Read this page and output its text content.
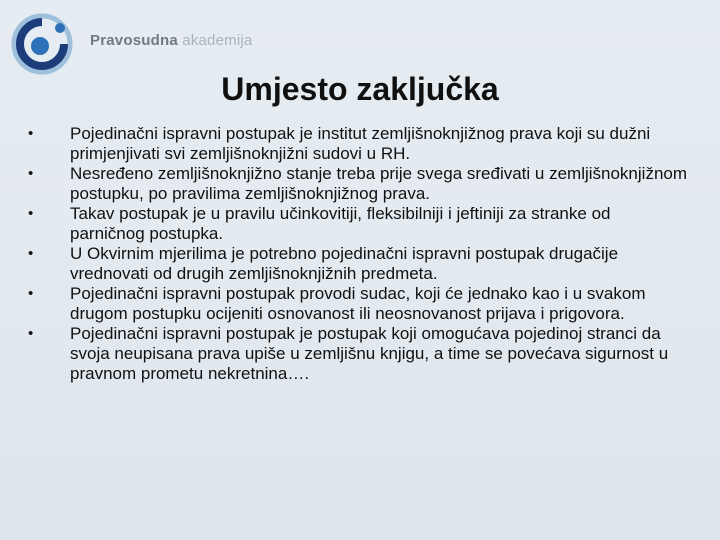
Pravosudna akademija
Umjesto zaključka
•	Pojedinačni ispravni postupak je institut zemljišnoknjižnog prava koji su dužni primjenjivati svi zemljišnoknjižni sudovi u RH.
•	Nesređeno zemljišnoknjižno stanje treba prije svega sređivati u zemljišnoknjižnom postupku, po pravilima zemljišnoknjižnog prava.
•	Takav postupak je u pravilu učinkovitiji, fleksibilniji i jeftiniji za stranke od parničnog postupka.
•	U Okvirnim mjerilima je potrebno pojedinačni ispravni postupak drugačije vrednovati od drugih zemljišnoknjižnih predmeta.
•	Pojedinačni ispravni postupak provodi sudac, koji će jednako kao i u svakom drugom postupku ocijeniti osnovanost ili neosnovanost prijava i prigovora.
•	Pojedinačni ispravni postupak je postupak koji omogućava pojedinoj stranci da svoja neupisana prava upiše u zemljišnu knjigu, a time se povećava sigurnost u pravnom prometu nekretnina….
